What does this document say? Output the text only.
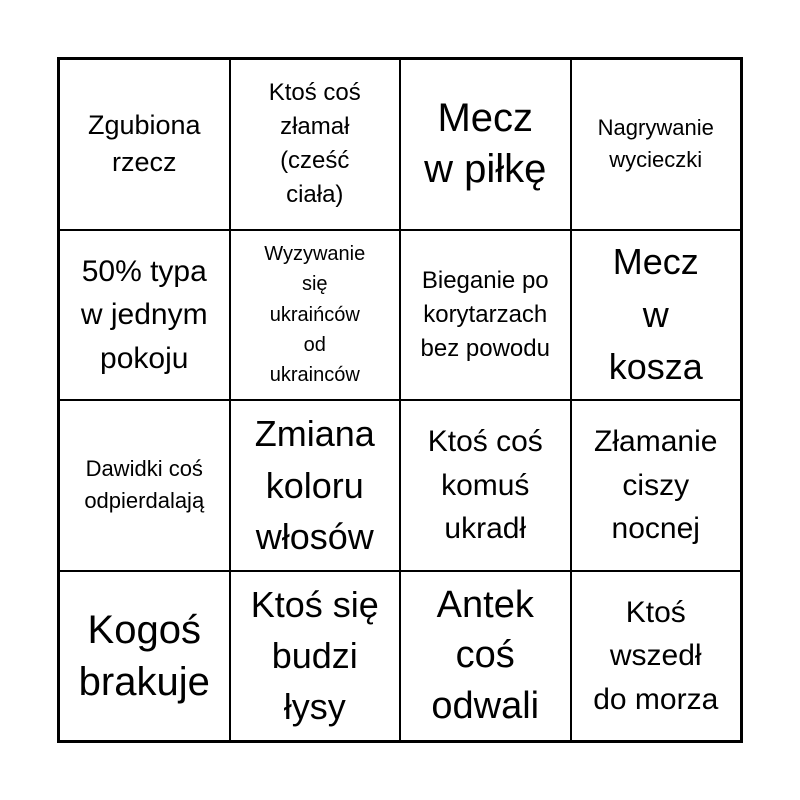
Zgubiona
rzecz
Ktoś coś
złamał
(cześć
ciała)
Mecz
w piłkę
Nagrywanie
wycieczki
50% typa
w jednym
pokoju
Wyzywanie
się
ukraińców
od
ukrainców
Bieganie po
korytarzach
bez powodu
Mecz
w
kosza
Dawidki coś
odpierdalają
Zmiana
koloru
włosów
Ktoś coś
komuś
ukradł
Złamanie
ciszy
nocnej
Kogoś
brakuje
Ktoś się
budzi
łysy
Antek
coś
odwali
Ktoś
wszedł
do morza
